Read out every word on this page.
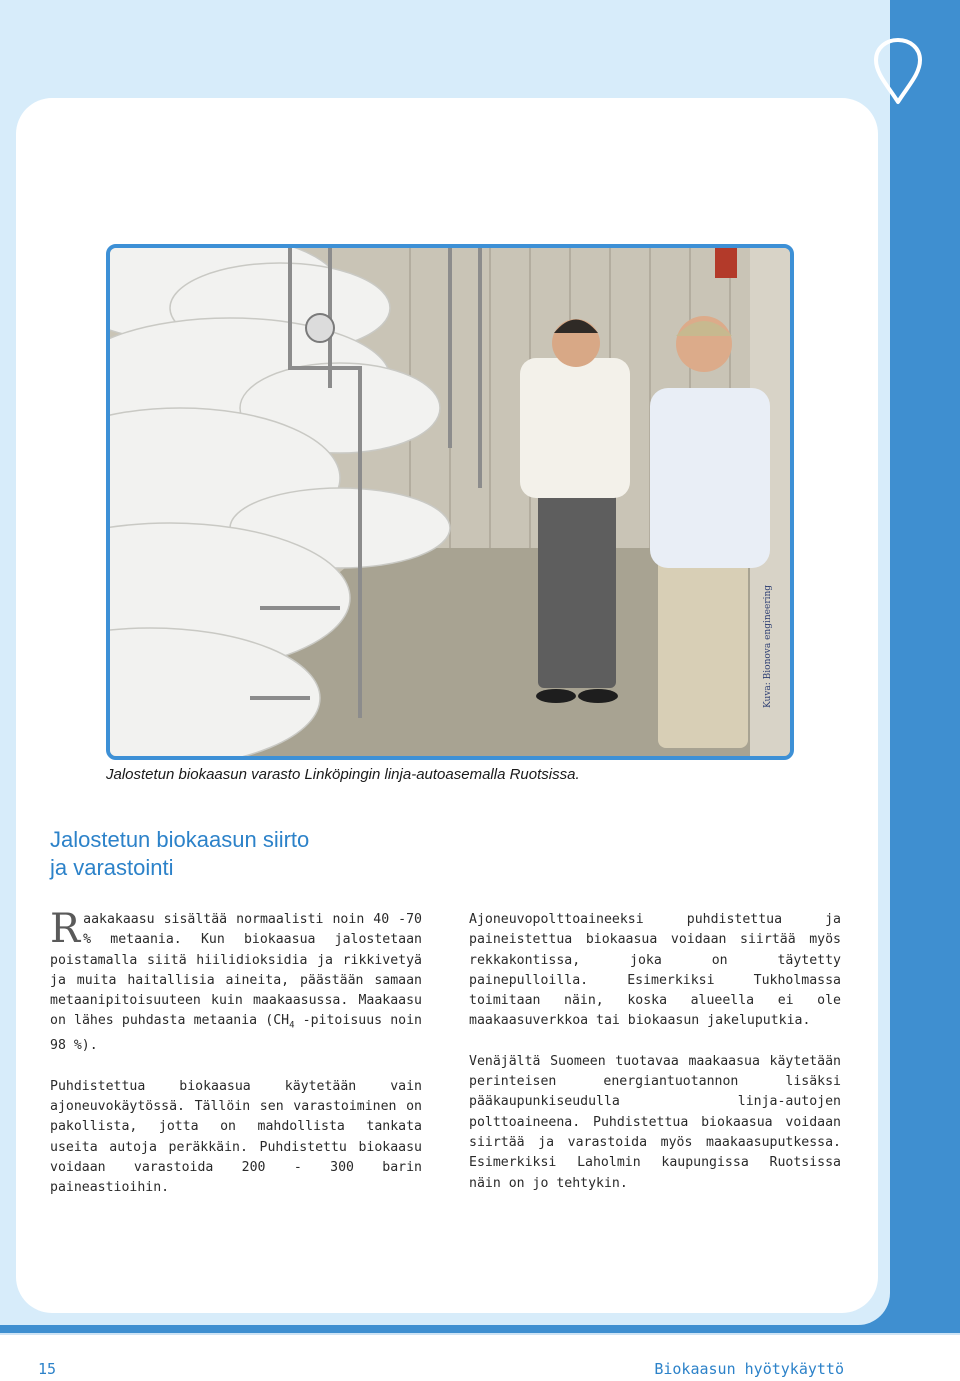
Kuva: Bionova engineering
Jalostetun biokaasun varasto Linköpingin linja-autoasemalla Ruotsissa.
Jalostetun biokaasun siirto
ja varastointi

Raakakaasu sisältää normaalisti noin 40 -70 % metaania. Kun biokaasua jalostetaan poistamalla siitä hiilidioksidia ja rikkivetyä ja muita haitallisia aineita, päästään samaan metaanipitoisuuteen kuin maakaasussa. Maakaasu on lähes puhdasta metaania ($CH_4$ -pitoisuus noin 98 %).

Puhdistettua biokaasua käytetään vain ajoneuvokäytössä. Tällöin sen varastoiminen on pakollista, jotta on mahdollista tankata useita autoja peräkkäin. Puhdistettu biokaasu voidaan varastoida 200 - 300 barin paineastioihin.

Ajoneuvopolttoaineeksi puhdistettua ja paineistettua biokaasua voidaan siirtää myös rekkakontissa, joka on täytetty painepulloilla. Esimerkiksi Tukholmassa toimitaan näin, koska alueella ei ole maakaasuverkkoa tai biokaasun jakeluputkia.

Venäjältä Suomeen tuotavaa maakaasua käytetään perinteisen energiantuotannon lisäksi pääkaupunkiseudulla linja-autojen polttoaineena. Puhdistettua biokaasua voidaan siirtää ja varastoida myös maakaasuputkessa. Esimerkiksi Laholmin kaupungissa Ruotsissa näin on jo tehtykin.

15	Biokaasun hyötykäyttö
